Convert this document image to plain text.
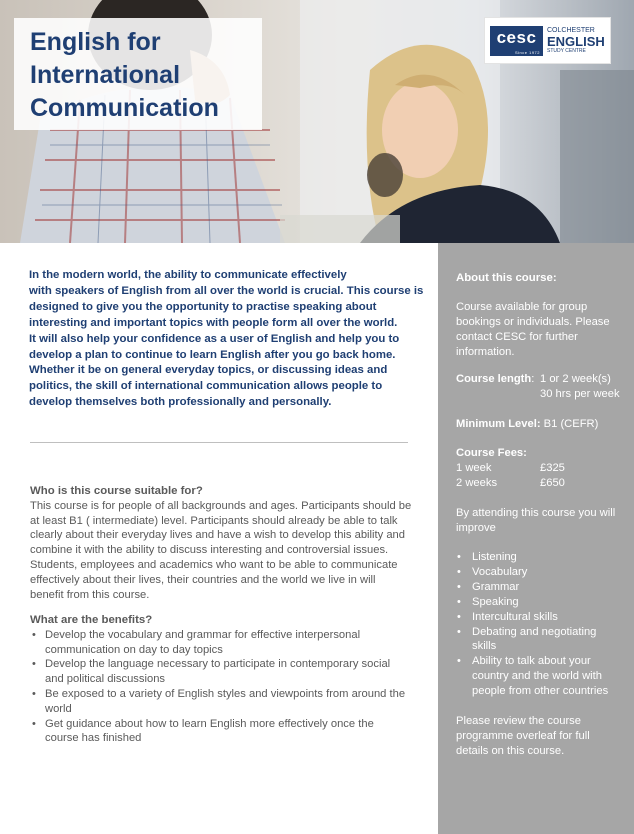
English for
International
Communication
cesc
Since 1972
COLCHESTER
ENGLISH
STUDY CENTRE
In the modern world, the ability to communicate effectively
with speakers of English from all over the world is crucial. This course is
designed to give you the opportunity to practise speaking about
interesting and important topics with people form all over the world.
It will also help your confidence as a user of English and help you to
develop a plan to continue to learn English after you go back home.
Whether it be on general everyday topics, or discussing ideas and
politics, the skill of international communication allows people to
develop themselves both professionally and personally.
Who is this course suitable for?
This course is for people of all backgrounds and ages. Participants should be
at least B1 ( intermediate) level. Participants should already be able to talk
clearly about their everyday lives and have a wish to develop this ability and
combine it with the ability to discuss interesting and controversial issues.
Students, employees and academics who want to be able to communicate
effectively about their lives, their countries and the world we live in will
benefit from this course.
What are the benefits?
• Develop the vocabulary and grammar for effective interpersonal
communication on day to day topics
• Develop the language necessary to participate in contemporary social
and political discussions
• Be exposed to a variety of English styles and viewpoints from around the
world
• Get guidance about how to learn English more effectively once the
course has finished
About this course:
Course available for group
bookings or individuals. Please
contact CESC for further
information.
Course length: 1 or 2 week(s)
30 hrs per week
Minimum Level: B1 (CEFR)
Course Fees:
1 week	£325
2 weeks	£650
By attending this course you will
improve
• Listening
• Vocabulary
• Grammar
• Speaking
• Intercultural skills
• Debating and negotiating
skills
• Ability to talk about your
country and the world with
people from other countries
Please review the course
programme overleaf for full
details on this course.
